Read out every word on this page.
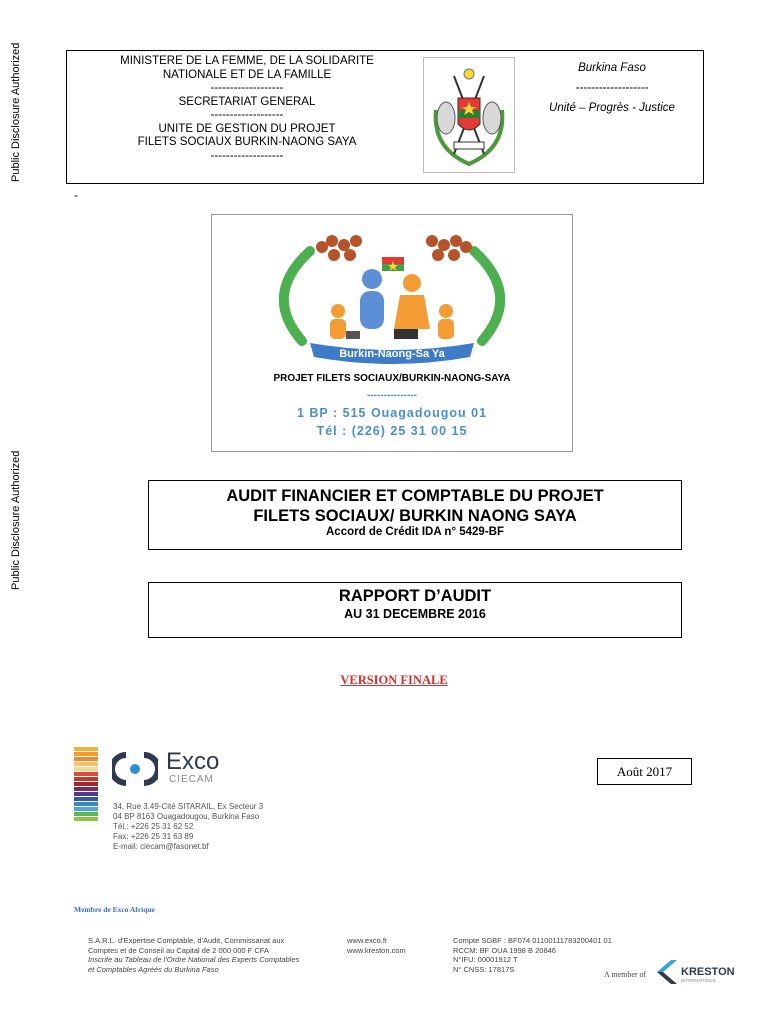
Public Disclosure Authorized
Public Disclosure Authorized
MINISTERE DE LA FEMME, DE LA SOLIDARITE
NATIONALE ET DE LA FAMILLE
-------------------
SECRETARIAT GENERAL
-------------------
UNITE DE GESTION DU PROJET
FILETS SOCIAUX BURKIN-NAONG SAYA
-------------------
Burkina Faso
-------------------
Unité – Progrès - Justice
-
Burkin-Naong-Sa Ya
PROJET FILETS SOCIAUX/BURKIN-NAONG-SAYA
---------------
1 BP : 515 Ouagadougou 01
Tél : (226) 25 31 00 15
AUDIT FINANCIER ET COMPTABLE DU PROJET
FILETS SOCIAUX/ BURKIN NAONG SAYA
Accord de Crédit IDA n° 5429-BF
RAPPORT D’AUDIT
AU 31 DECEMBRE 2016
VERSION FINALE
Exco
CIECAM
34, Rue 3.49-Cité SITARAIL, Ex Secteur 3
04 BP 8163 Ouagadougou, Burkina Faso
Tél.: +226 25 31 62 52
Fax: +226 25 31 63 89
E-mail: ciecam@fasonet.bf
Août 2017
Membre de Exco Afrique
S.A.R.L. d'Expertise Comptable, d'Audit, Commissariat aux
Comptes et de Conseil au Capital de 2 000 000 F CFA
Inscrite au Tableau de l'Ordre National des Experts Comptables
et Comptables Agréés du Burkina Faso
www.exco.fr
www.kreston.com
Compte SGBF : BF074 01100111783200401 01
RCCM: BF OUA 1998 B 20846
N°IFU: 00001912 T
N° CNSS: 17817S
A member of	KRESTON
INTERNATIONAL
